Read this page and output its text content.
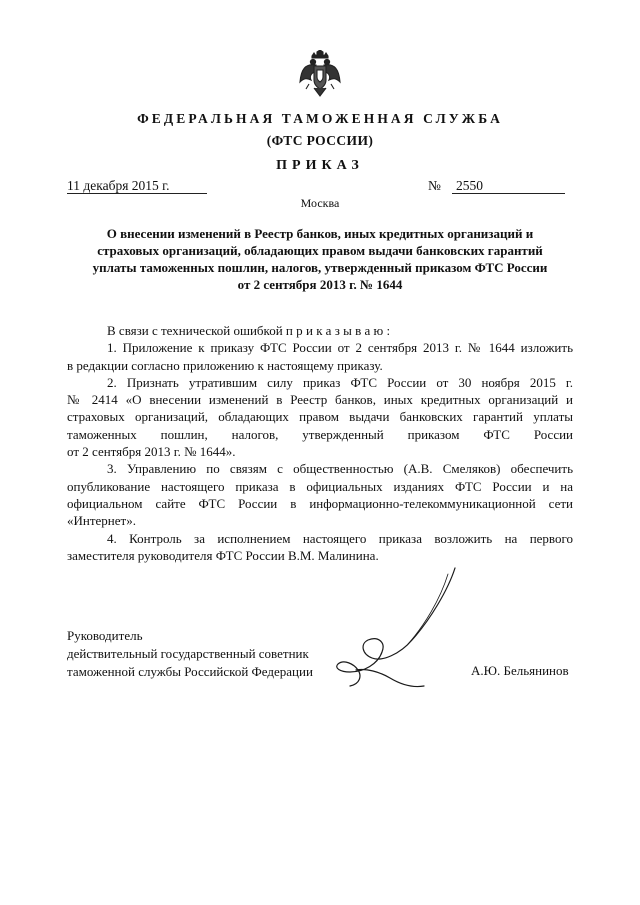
ФЕДЕРАЛЬНАЯ ТАМОЖЕННАЯ СЛУЖБА
(ФТС РОССИИ)
ПРИКАЗ
11 декабря 2015 г.	№ 2550
Москва
О внесении изменений в Реестр банков, иных кредитных организаций и
страховых организаций, обладающих правом выдачи банковских гарантий
уплаты таможенных пошлин, налогов, утвержденный приказом ФТС России
от 2 сентября 2013 г. № 1644
В связи с технической ошибкой приказываю:
1. Приложение к приказу ФТС России от 2 сентября 2013 г. № 1644 изложить
в редакции согласно приложению к настоящему приказу.
2. Признать утратившим силу приказ ФТС России от 30 ноября 2015 г.
№ 2414 «О внесении изменений в Реестр банков, иных кредитных организаций и
страховых организаций, обладающих правом выдачи банковских гарантий уплаты
таможенных пошлин, налогов, утвержденный приказом ФТС России
от 2 сентября 2013 г. № 1644».
3. Управлению по связям с общественностью (А.В. Смеляков) обеспечить
опубликование настоящего приказа в официальных изданиях ФТС России и на
официальном сайте ФТС России в информационно-телекоммуникационной сети
«Интернет».
4. Контроль за исполнением настоящего приказа возложить на первого
заместителя руководителя ФТС России В.М. Малинина.
Руководитель
действительный государственный советник
таможенной службы Российской Федерации	А.Ю. Бельянинов
